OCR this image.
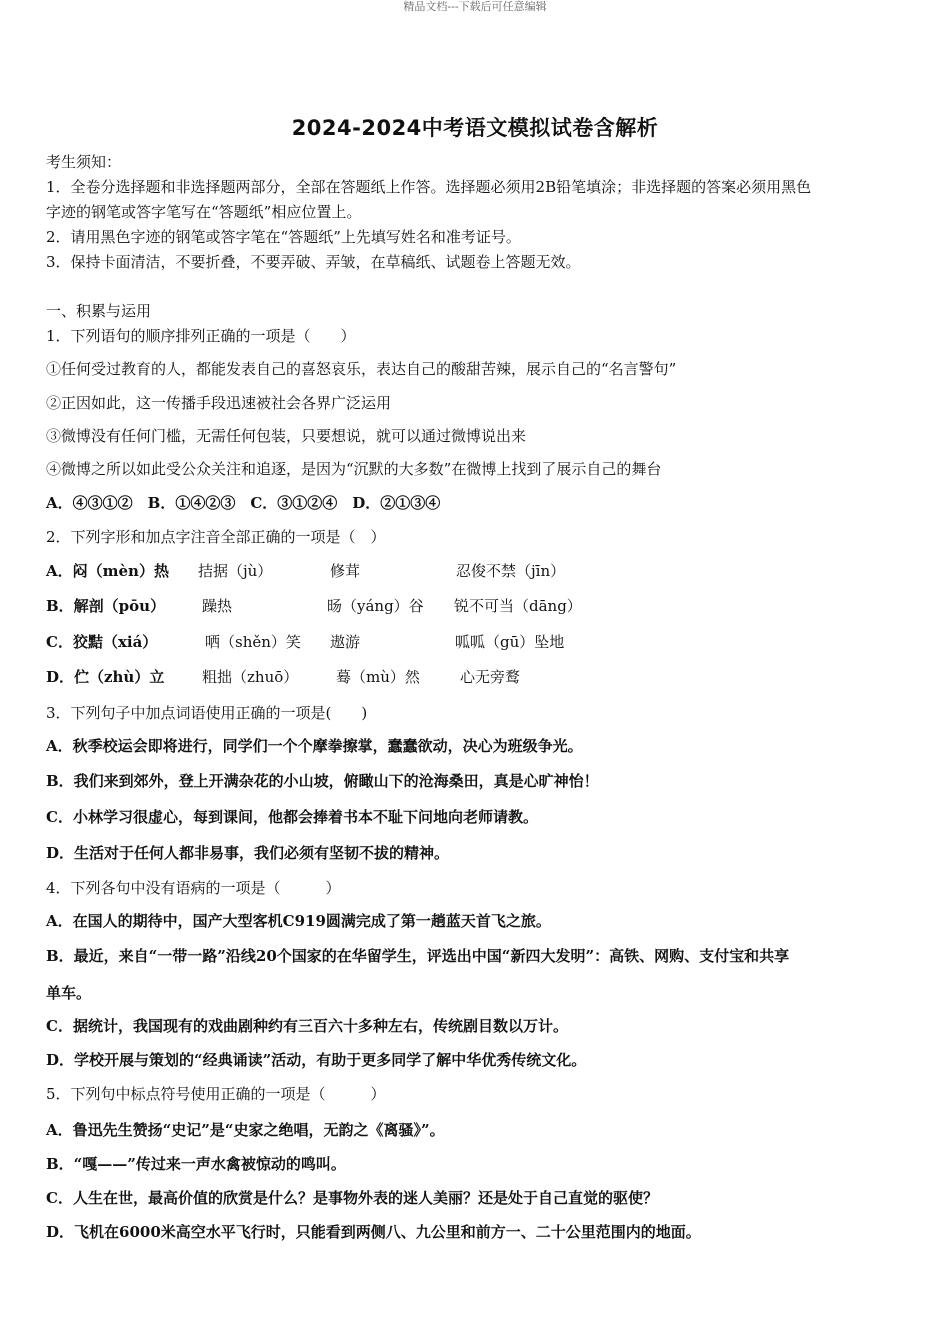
精品文档---下载后可任意编辑
2024-2024中考语文模拟试卷含解析
考生须知：
1．全卷分选择题和非选择题两部分，全部在答题纸上作答。选择题必须用2B铅笔填涂；非选择题的答案必须用黑色
字迹的钢笔或答字笔写在“答题纸”相应位置上。
2．请用黑色字迹的钢笔或答字笔在“答题纸”上先填写姓名和准考证号。
3．保持卡面清洁，不要折叠，不要弄破、弄皱，在草稿纸、试题卷上答题无效。
一、积累与运用
1．下列语句的顺序排列正确的一项是（　　）
①任何受过教育的人，都能发表自己的喜怒哀乐，表达自己的酸甜苦辣，展示自己的“名言警句”
②正因如此，这一传播手段迅速被社会各界广泛运用
③微博没有任何门槛，无需任何包装，只要想说，就可以通过微博说出来
④微博之所以如此受公众关注和追逐，是因为“沉默的大多数”在微博上找到了展示自己的舞台
A．④③①②　B．①④②③　C．③①②④　D．②①③④
2．下列字形和加点字注音全部正确的一项是（　）
A．闷（mèn）热 拮据（jù）	修茸	忍俊不禁（jīn）
B．解剖（pōu） 躁热	旸（yáng）谷 锐不可当（dāng）
C．狡黠（xiá）	哂（shěn）笑 遨游	呱呱（gū）坠地
D．伫（zhù）立	粗拙（zhuō）	蓦（mù）然	心无旁鹜
3．下列句子中加点词语使用正确的一项是(　　)
A．秋季校运会即将进行，同学们一个个摩拳擦掌，蠢蠢欲动，决心为班级争光。
B．我们来到郊外，登上开满杂花的小山坡，俯瞰山下的沧海桑田，真是心旷神怡！
C．小林学习很虚心，每到课间，他都会捧着书本不耻下问地向老师请教。
D．生活对于任何人都非易事，我们必须有坚韧不拔的精神。
4．下列各句中没有语病的一项是（　　　）
A．在国人的期待中，国产大型客机C919圆满完成了第一趟蓝天首飞之旅。
B．最近，来自“一带一路”沿线20个国家的在华留学生，评选出中国“新四大发明”：高铁、网购、支付宝和共享
单车。
C．据统计，我国现有的戏曲剧种约有三百六十多种左右，传统剧目数以万计。
D．学校开展与策划的“经典诵读”活动，有助于更多同学了解中华优秀传统文化。
5．下列句中标点符号使用正确的一项是（　　　）
A．鲁迅先生赞扬“史记”是“史家之绝唱，无韵之《离骚》”。
B．“嘎——”传过来一声水禽被惊动的鸣叫。
C．人生在世，最高价值的欣赏是什么？是事物外表的迷人美丽？还是处于自己直觉的驱使？
D．飞机在6000米高空水平飞行时，只能看到两侧八、九公里和前方一、二十公里范围内的地面。
